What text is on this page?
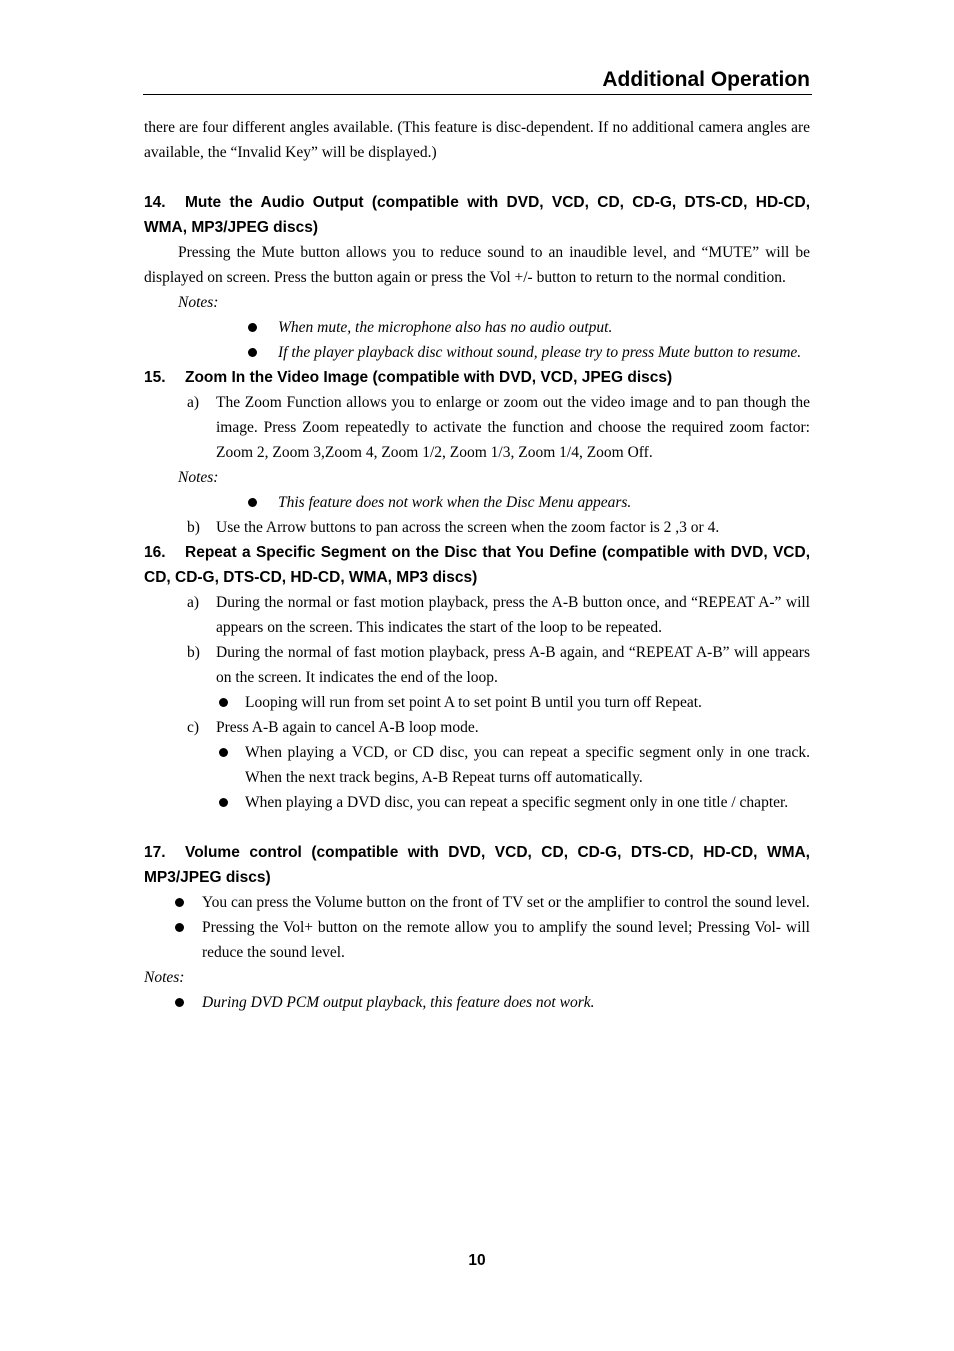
Additional Operation

there are four different angles available. (This feature is disc-dependent. If no additional camera angles are available, the “Invalid Key” will be displayed.)

14. Mute the Audio Output (compatible with DVD, VCD, CD, CD-G, DTS-CD, HD-CD, WMA, MP3/JPEG discs)

Pressing the Mute button allows you to reduce sound to an inaudible level, and “MUTE” will be displayed on screen. Press the button again or press the Vol +/- button to return to the normal condition.

Notes:
When mute, the microphone also has no audio output.
If the player playback disc without sound, please try to press Mute button to resume.
15. Zoom In the Video Image (compatible with DVD, VCD, JPEG discs)
a) The Zoom Function allows you to enlarge or zoom out the video image and to pan though the image. Press Zoom repeatedly to activate the function and choose the required zoom factor: Zoom 2, Zoom 3,Zoom 4, Zoom 1/2, Zoom 1/3, Zoom 1/4, Zoom Off.
Notes:
This feature does not work when the Disc Menu appears.
b) Use the Arrow buttons to pan across the screen when the zoom factor is 2 ,3 or 4.
16. Repeat a Specific Segment on the Disc that You Define (compatible with DVD, VCD, CD, CD-G, DTS-CD, HD-CD, WMA, MP3 discs)
a) During the normal or fast motion playback, press the A-B button once, and “REPEAT A-” will appears on the screen. This indicates the start of the loop to be repeated.
b) During the normal of fast motion playback, press A-B again, and “REPEAT A-B” will appears on the screen. It indicates the end of the loop.
Looping will run from set point A to set point B until you turn off Repeat.
c) Press A-B again to cancel A-B loop mode.
When playing a VCD, or CD disc, you can repeat a specific segment only in one track. When the next track begins, A-B Repeat turns off automatically.
When playing a DVD disc, you can repeat a specific segment only in one title / chapter.
17. Volume control (compatible with DVD, VCD, CD, CD-G, DTS-CD, HD-CD, WMA, MP3/JPEG discs)
You can press the Volume button on the front of TV set or the amplifier to control the sound level.
Pressing the Vol+ button on the remote allow you to amplify the sound level; Pressing Vol- will reduce the sound level.
Notes:
During DVD PCM output playback, this feature does not work.
10
